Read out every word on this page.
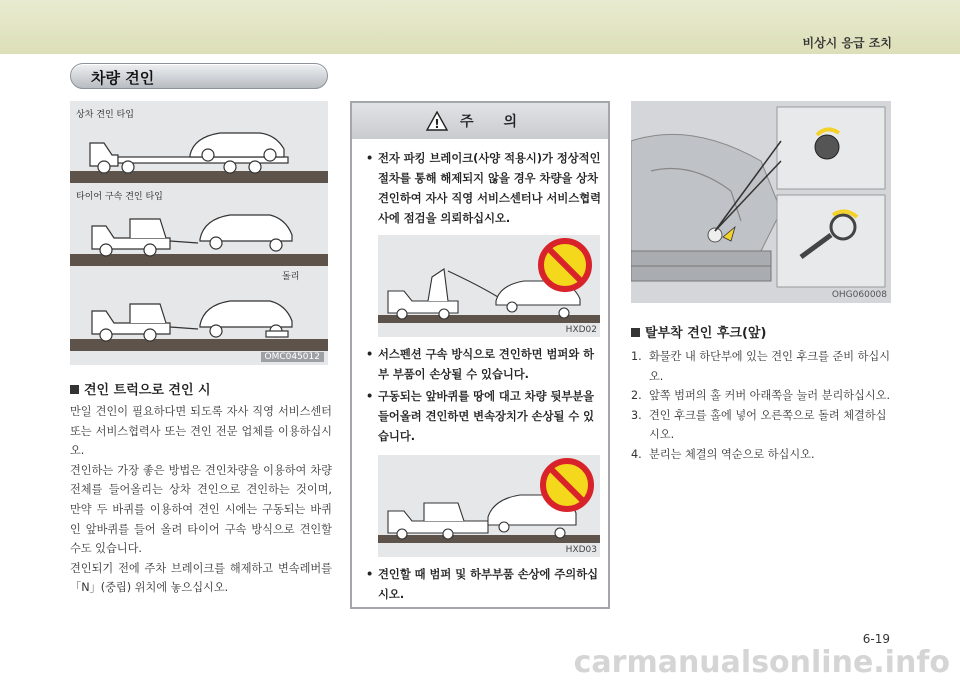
비상시 응급 조치
차량 견인
상차 견인 타입
타이어 구속 견인 타입
돌리
OMC045012
견인 트럭으로 견인 시

만일 견인이 필요하다면 되도록 자사 직영 서비스센터 또는 서비스협력사 또는 견인 전문 업체를 이용하십시오.

견인하는 가장 좋은 방법은 견인차량을 이용하여 차량 전체를 들어올리는 상차 견인으로 견인하는 것이며, 만약 두 바퀴를 이용하여 견인 시에는 구동되는 바퀴인 앞바퀴를 들어 올려 타이어 구속 방식으로 견인할 수도 있습니다.

견인되기 전에 주차 브레이크를 해제하고 변속레버를 「N」(중립) 위치에 놓으십시오.

! 주의
• 전자 파킹 브레이크(사양 적용시)가 정상적인 절차를 통해 해제되지 않을 경우 차량을 상차 견인하여 자사 직영 서비스센터나 서비스협력사에 점검을 의뢰하십시오.
HXD02
• 서스펜션 구속 방식으로 견인하면 범퍼와 하부 부품이 손상될 수 있습니다.
• 구동되는 앞바퀴를 땅에 대고 차량 뒷부분을 들어올려 견인하면 변속장치가 손상될 수 있습니다.
HXD03
• 견인할 때 범퍼 및 하부부품 손상에 주의하십시오.
OHG060008
탈부착 견인 후크(앞)
1. 화물칸 내 하단부에 있는 견인 후크를 준비 하십시오.
2. 앞쪽 범퍼의 홀 커버 아래쪽을 눌러 분리하십시오.
3. 견인 후크를 홀에 넣어 오른쪽으로 돌려 체결하십시오.
4. 분리는 체결의 역순으로 하십시오.
6-19
carmanualsonline.info
